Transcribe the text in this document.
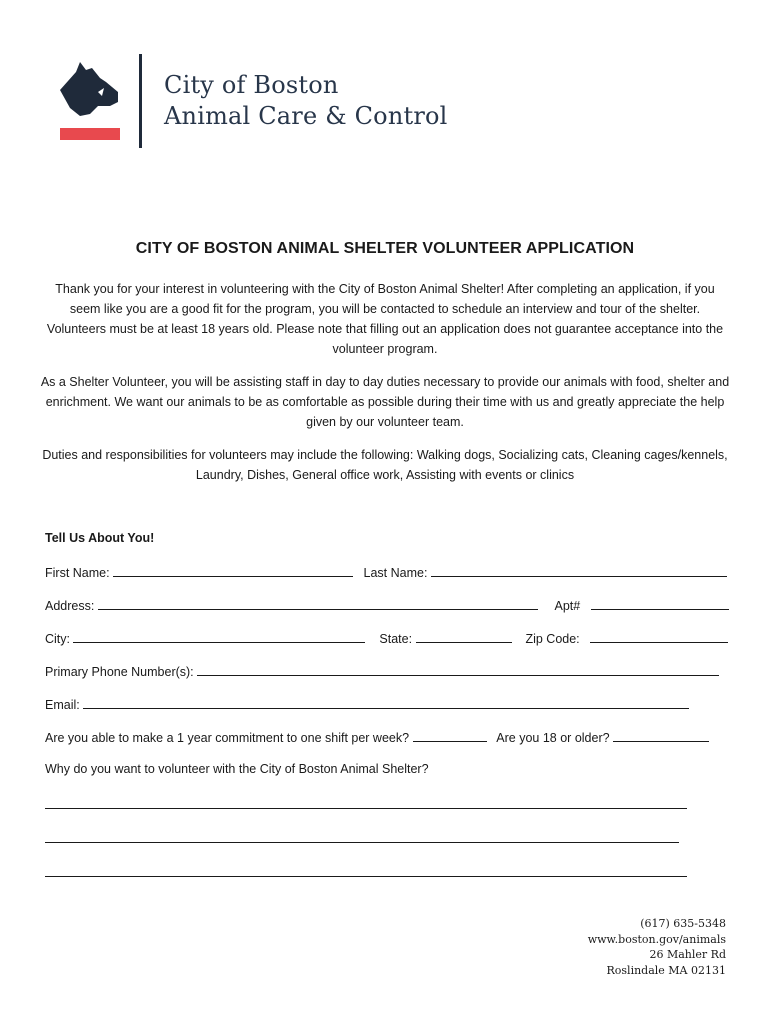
City of Boston
Animal Care & Control
CITY OF BOSTON ANIMAL SHELTER VOLUNTEER APPLICATION
Thank you for your interest in volunteering with the City of Boston Animal Shelter! After completing an application, if you seem like you are a good fit for the program, you will be contacted to schedule an interview and tour of the shelter. Volunteers must be at least 18 years old. Please note that filling out an application does not guarantee acceptance into the volunteer program.
As a Shelter Volunteer, you will be assisting staff in day to day duties necessary to provide our animals with food, shelter and enrichment. We want our animals to be as comfortable as possible during their time with us and greatly appreciate the help given by our volunteer team.
Duties and responsibilities for volunteers may include the following: Walking dogs, Socializing cats, Cleaning cages/kennels, Laundry, Dishes, General office work, Assisting with events or clinics
Tell Us About You!
First Name:	Last Name:
Address:	Apt#
City:	State:	Zip Code:
Primary Phone Number(s):
Email:
Are you able to make a 1 year commitment to one shift per week?	Are you 18 or older?
Why do you want to volunteer with the City of Boston Animal Shelter?
(617) 635-5348
www.boston.gov/animals
26 Mahler Rd
Roslindale MA 02131
